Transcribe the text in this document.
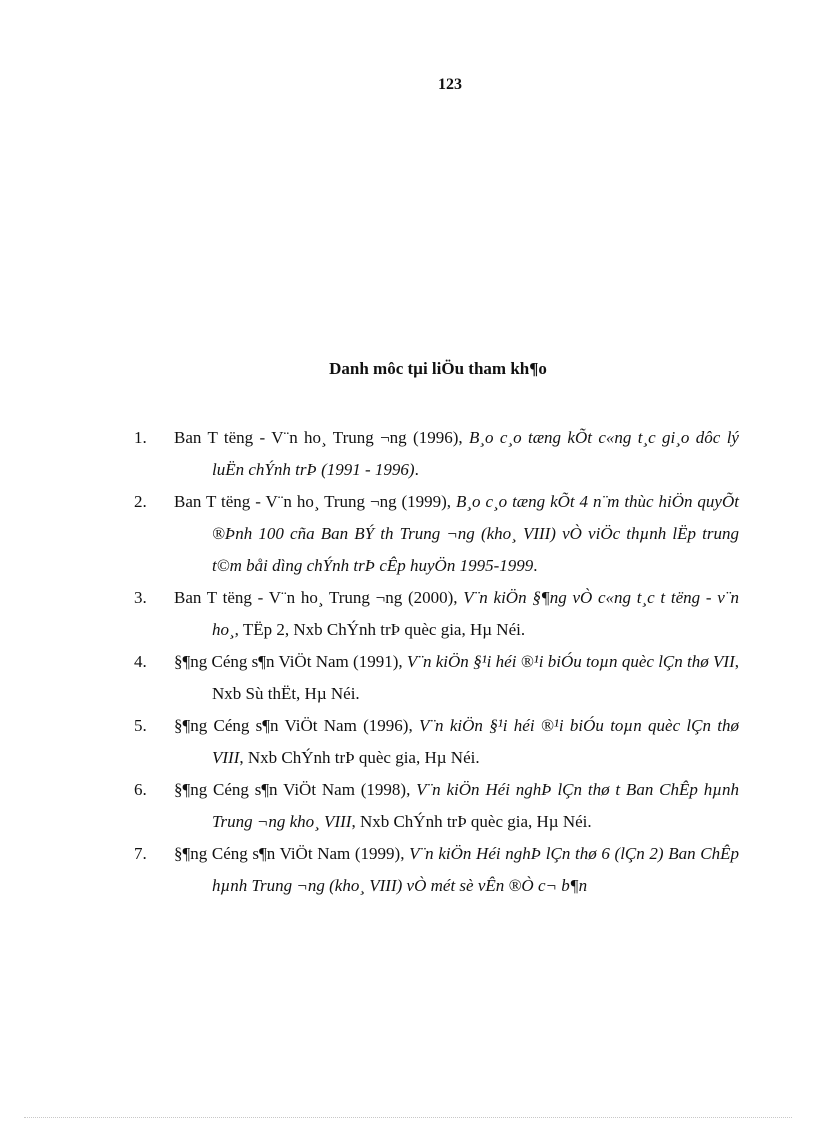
123
Danh môc tµi liÖu tham kh¶o
1. Ban T tëng - V¨n ho¸ Trung ¬ng (1996), B¸o c¸o tæng kÕt c«ng t¸c gi¸o dôc lý luËn chÝnh trÞ (1991 - 1996).
2. Ban T tëng - V¨n ho¸ Trung ¬ng (1999), B¸o c¸o tæng kÕt 4 n¨m thùc hiÖn quyÕt ®Þnh 100 cña Ban BÝ th Trung ¬ng (kho¸ VIII) vÒ viÖc thµnh lËp trung t©m båi dìng chÝnh trÞ cÊp huyÖn 1995-1999.
3. Ban T tëng - V¨n ho¸ Trung ¬ng (2000), V¨n kiÖn §¶ng vÒ c«ng t¸c t tëng - v¨n ho¸, TËp 2, Nxb ChÝnh trÞ quèc gia, Hµ Néi.
4. §¶ng Céng s¶n ViÖt Nam (1991), V¨n kiÖn §¹i héi ®¹i biÓu toµn quèc lÇn thø VII, Nxb Sù thËt, Hµ Néi.
5. §¶ng Céng s¶n ViÖt Nam (1996), V¨n kiÖn §¹i héi ®¹i biÓu toµn quèc lÇn thø VIII, Nxb ChÝnh trÞ quèc gia, Hµ Néi.
6. §¶ng Céng s¶n ViÖt Nam (1998), V¨n kiÖn Héi nghÞ lÇn thø t Ban ChÊp hµnh Trung ¬ng kho¸ VIII, Nxb ChÝnh trÞ quèc gia, Hµ Néi.
7. §¶ng Céng s¶n ViÖt Nam (1999), V¨n kiÖn Héi nghÞ lÇn thø 6 (lÇn 2) Ban ChÊp hµnh Trung ¬ng (kho¸ VIII) vÒ mét sè vÊn ®Ò c¬ b¶n
